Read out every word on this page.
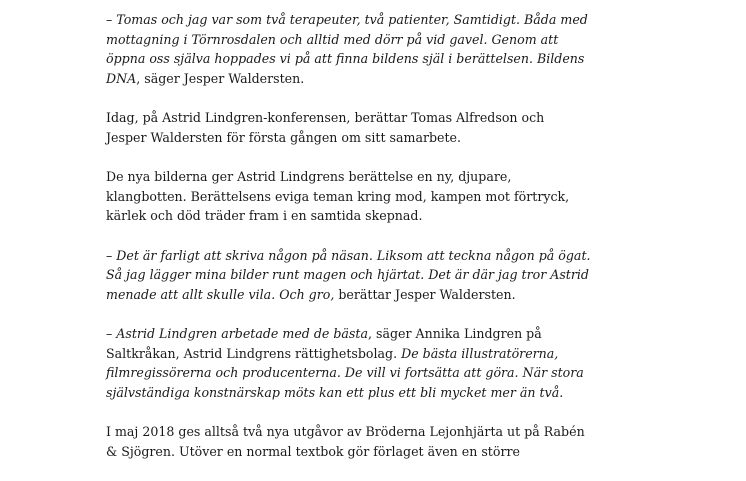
– Tomas och jag var som två terapeuter, två patienter, Samtidigt. Båda med
mottagning i Törnrosdalen och alltid med dörr på vid gavel. Genom att
öppna oss själva hoppades vi på att finna bildens själ i berättelsen. Bildens
DNA, säger Jesper Waldersten.

Idag, på Astrid Lindgren-konferensen, berättar Tomas Alfredson och
Jesper Waldersten för första gången om sitt samarbete.

De nya bilderna ger Astrid Lindgrens berättelse en ny, djupare,
klangbotten. Berättelsens eviga teman kring mod, kampen mot förtryck,
kärlek och död träder fram i en samtida skepnad.

– Det är farligt att skriva någon på näsan. Liksom att teckna någon på ögat.
Så jag lägger mina bilder runt magen och hjärtat. Det är där jag tror Astrid
menade att allt skulle vila. Och gro, berättar Jesper Waldersten.

– Astrid Lindgren arbetade med de bästa, säger Annika Lindgren på
Saltkråkan, Astrid Lindgrens rättighetsbolag. De bästa illustratörerna,
filmregissörerna och producenterna. De vill vi fortsätta att göra. När stora
självständiga konstnärskap möts kan ett plus ett bli mycket mer än två.

I maj 2018 ges alltså två nya utgåvor av Bröderna Lejonhjärta ut på Rabén
& Sjögren. Utöver en normal textbok gör förlaget även en större
